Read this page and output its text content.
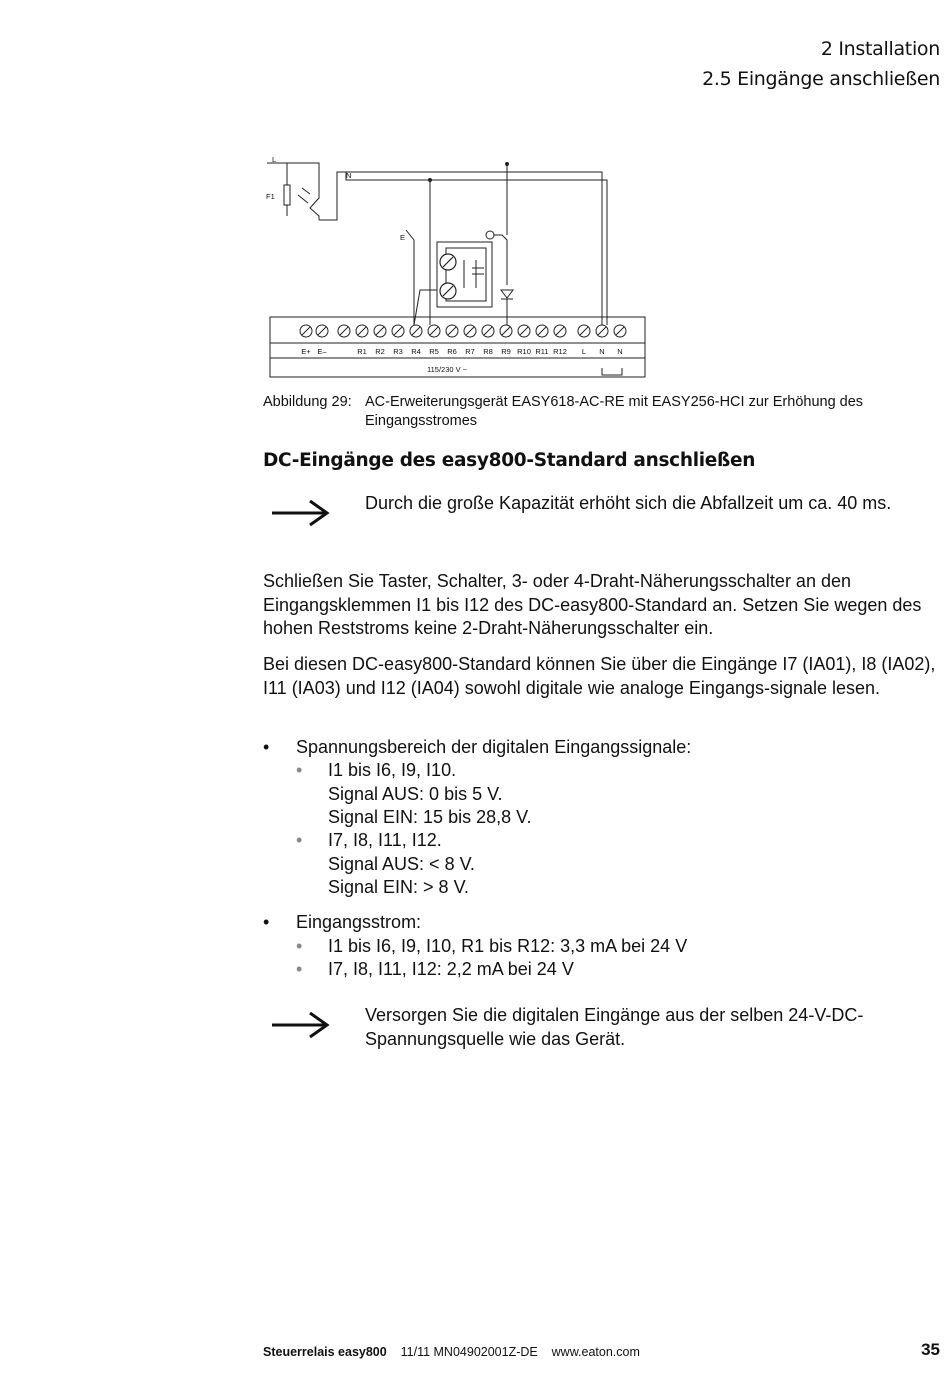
2 Installation
2.5 Eingänge anschließen
E+ E–	R1 R2 R3 R4 R5 R6 R7 R8 R9 R10 R11 R12 L N N
L
N
F1
E
115/230 V ~
Abbildung 29: AC-Erweiterungsgerät EASY618-AC-RE mit EASY256-HCI zur Erhöhung des Eingangsstromes
DC-Eingänge des easy800-Standard anschließen
Durch die große Kapazität erhöht sich die Abfallzeit um ca. 40 ms.

Schließen Sie Taster, Schalter, 3- oder 4-Draht-Näherungsschalter an den Eingangsklemmen I1 bis I12 des DC-easy800-Standard an. Setzen Sie wegen des hohen Reststroms keine 2-Draht-Näherungsschalter ein.

Bei diesen DC-easy800-Standard können Sie über die Eingänge I7 (IA01), I8 (IA02), I11 (IA03) und I12 (IA04) sowohl digitale wie analoge Eingangs-signale lesen.

• Spannungsbereich der digitalen Eingangssignale:
• I1 bis I6, I9, I10.
Signal AUS: 0 bis 5 V.
Signal EIN: 15 bis 28,8 V.
• I7, I8, I11, I12.
Signal AUS: < 8 V.
Signal EIN: > 8 V.
• Eingangsstrom:
• I1 bis I6, I9, I10, R1 bis R12: 3,3 mA bei 24 V
• I7, I8, I11, I12: 2,2 mA bei 24 V
Versorgen Sie die digitalen Eingänge aus der selben 24-V-DC-Spannungsquelle wie das Gerät.
Steuerrelais easy800 11/11 MN04902001Z-DE www.eaton.com	35
